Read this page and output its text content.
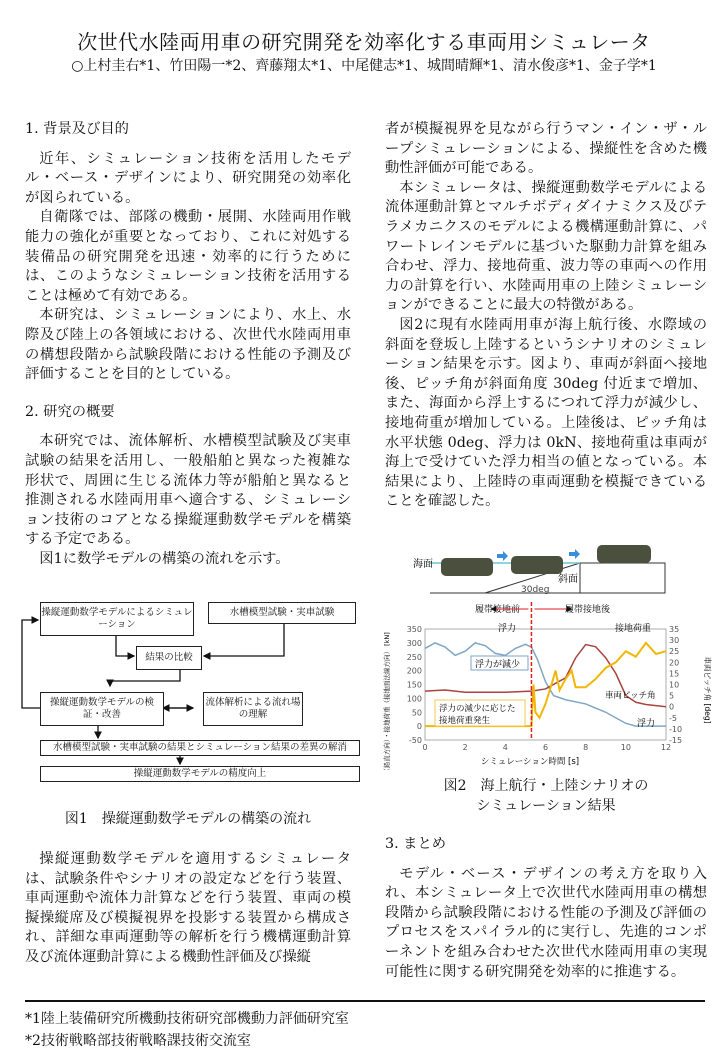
次世代水陸両用車の研究開発を効率化する車両用シミュレータ
○上村圭右*1、竹田陽一*2、齊藤翔太*1、中尾健志*1、城間晴輝*1、清水俊彦*1、金子学*1
1. 背景及び目的

近年、シミュレーション技術を活用したモデル・ベース・デザインにより、研究開発の効率化が図られている。

自衛隊では、部隊の機動・展開、水陸両用作戦能力の強化が重要となっており、これに対処する装備品の研究開発を迅速・効率的に行うためには、このようなシミュレーション技術を活用することは極めて有効である。

本研究は、シミュレーションにより、水上、水際及び陸上の各領域における、次世代水陸両用車の構想段階から試験段階における性能の予測及び評価することを目的としている。

2. 研究の概要

本研究では、流体解析、水槽模型試験及び実車試験の結果を活用し、一般船舶と異なった複雑な形状で、周囲に生じる流体力等が船舶と異なると推測される水陸両用車へ適合する、シミュレーション技術のコアとなる操縦運動数学モデルを構築する予定である。

図1に数学モデルの構築の流れを示す。

操縦運動数学モデルによるシミュレーション
水槽模型試験・実車試験
結果の比較
操縦運動数学モデルの検証・改善
流体解析による流れ場の理解
水槽模型試験・実車試験の結果とシミュレーション結果の差異の解消
操縦運動数学モデルの精度向上
図1　操縦運動数学モデルの構築の流れ

操縦運動数学モデルを適用するシミュレータは、試験条件やシナリオの設定などを行う装置、車両運動や流体力計算などを行う装置、車両の模擬操縦席及び模擬視界を投影する装置から構成され、詳細な車両運動等の解析を行う機構運動計算及び流体運動計算による機動性評価及び操縦

者が模擬視界を見ながら行うマン・イン・ザ・ループシミュレーションによる、操縦性を含めた機動性評価が可能である。

本シミュレータは、操縦運動数学モデルによる流体運動計算とマルチボディダイナミクス及びテラメカニクスのモデルによる機構運動計算に、パワートレインモデルに基づいた駆動力計算を組み合わせ、浮力、接地荷重、波力等の車両への作用力の計算を行い、水陸両用車の上陸シミュレーションができることに最大の特徴がある。

図2に現有水陸両用車が海上航行後、水際域の斜面を登坂し上陸するというシナリオのシミュレーション結果を示す。図より、車両が斜面へ接地後、ピッチ角が斜面角度 30deg 付近まで増加、また、海面から浮上するにつれて浮力が減少し、接地荷重が増加している。上陸後は、ピッチ角は水平状態 0deg、浮力は 0kN、接地荷重は車両が海上で受けていた浮力相当の値となっている。本結果により、上陸時の車両運動を模擬できていることを確認した。

海面
斜面
30deg
履帯接地前	履帯接地後
0	2	4	6	8	10	12
-50
0
50
100
150
200
250
300
350
-15
-10
-5
0
5
10
15
20
25
30
35
浮力	接地荷重
浮力が減少
車両ピッチ角
浮力の減少に応じた
接地荷重発生	浮力
シミュレーション時間 [s]
浮力（鉛直方向）・接地荷重（接地面法線方向） [kN]	車両ピッチ角 [deg]
図2　海上航行・上陸シナリオの
シミュレーション結果
3. まとめ

モデル・ベース・デザインの考え方を取り入れ、本シミュレータ上で次世代水陸両用車の構想段階から試験段階における性能の予測及び評価のプロセスをスパイラル的に実行し、先進的コンポーネントを組み合わせた次世代水陸両用車の実現可能性に関する研究開発を効率的に推進する。

*1陸上装備研究所機動技術研究部機動力評価研究室
*2技術戦略部技術戦略課技術交流室
